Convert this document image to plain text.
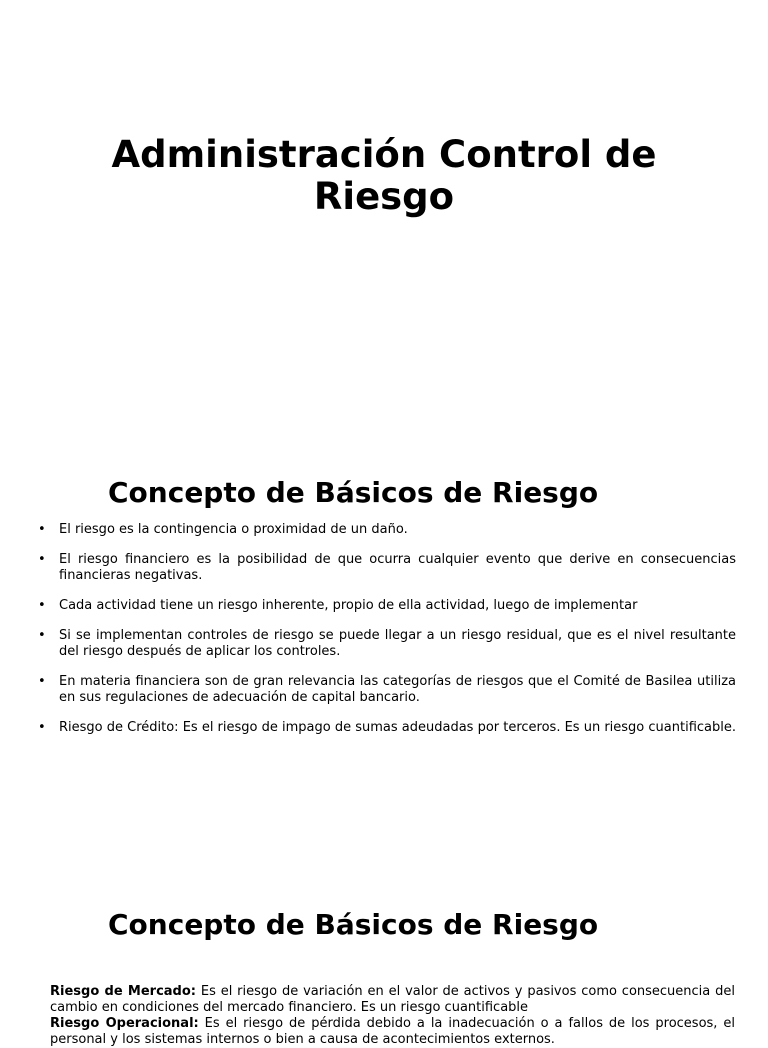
Administración Control de Riesgo
Concepto de Básicos de Riesgo
•	El riesgo es la contingencia o proximidad de un daño.
•	El riesgo financiero es la posibilidad de que ocurra cualquier evento que derive en consecuencias financieras negativas.
•	Cada actividad tiene un riesgo inherente, propio de ella actividad, luego de implementar
•	Si se implementan controles de riesgo se puede llegar a un riesgo residual, que es el nivel resultante del riesgo después de aplicar los controles.
•	En materia financiera son de gran relevancia las categorías de riesgos que el Comité de Basilea utiliza en sus regulaciones de adecuación de capital bancario.
•	Riesgo de Crédito: Es el riesgo de impago de sumas adeudadas por terceros. Es un riesgo cuantificable.
Concepto de Básicos de Riesgo
Riesgo de Mercado: Es el riesgo de variación en el valor de activos y pasivos como consecuencia del cambio en condiciones del mercado financiero. Es un riesgo cuantificable
Riesgo Operacional: Es el riesgo de pérdida debido a la inadecuación o a fallos de los procesos, el personal y los sistemas internos o bien a causa de acontecimientos externos.
